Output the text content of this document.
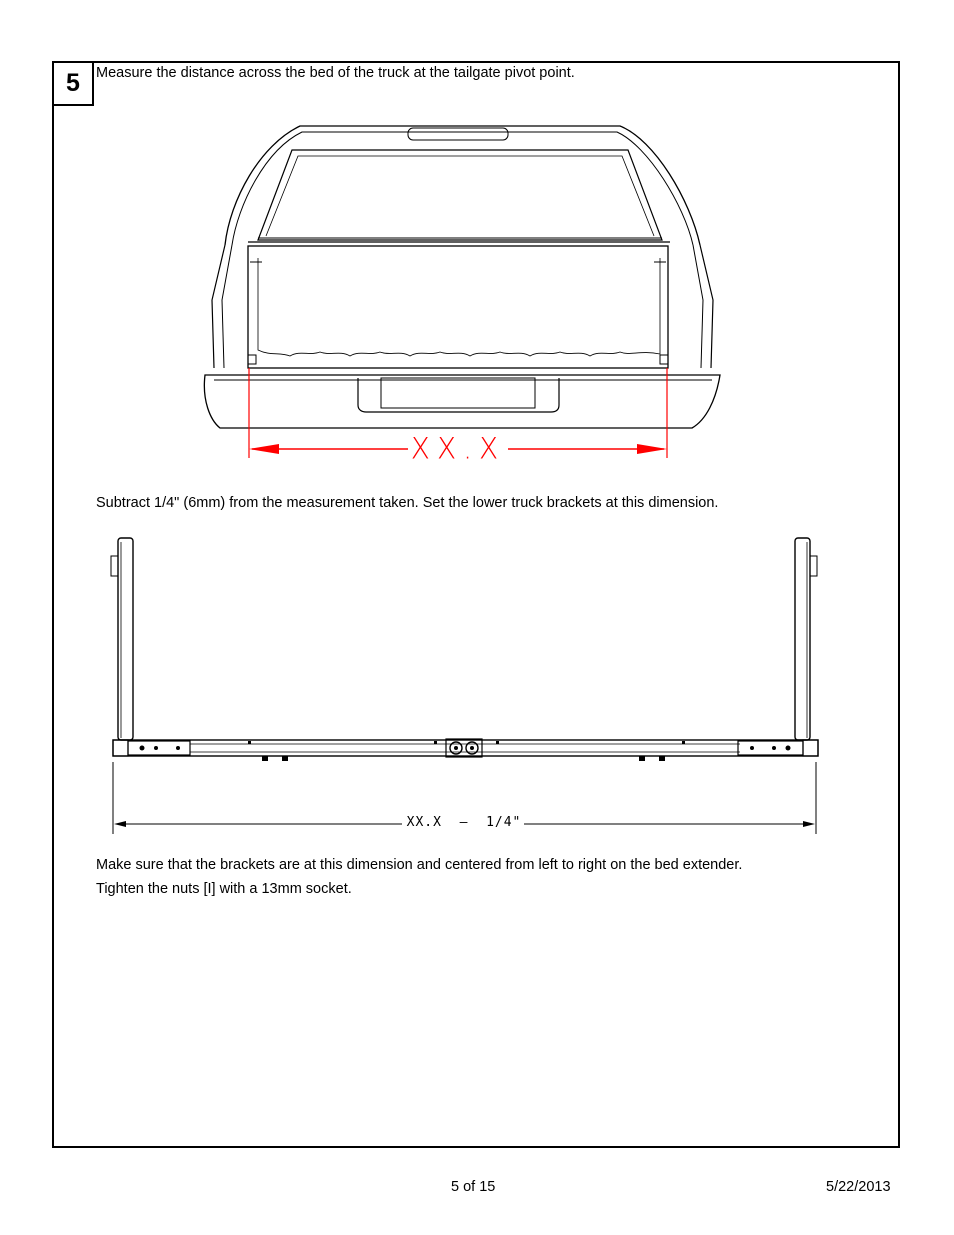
5	Measure the distance across the bed of the truck at the tailgate pivot point.
XX.X
Subtract 1/4" (6mm) from the measurement taken. Set the lower truck brackets at this dimension.
XX.X  –  1/4"
Make sure that the brackets are at this dimension and centered from left to right on the bed extender.
Tighten the nuts [I] with a 13mm socket.
5 of 15	5/22/2013
